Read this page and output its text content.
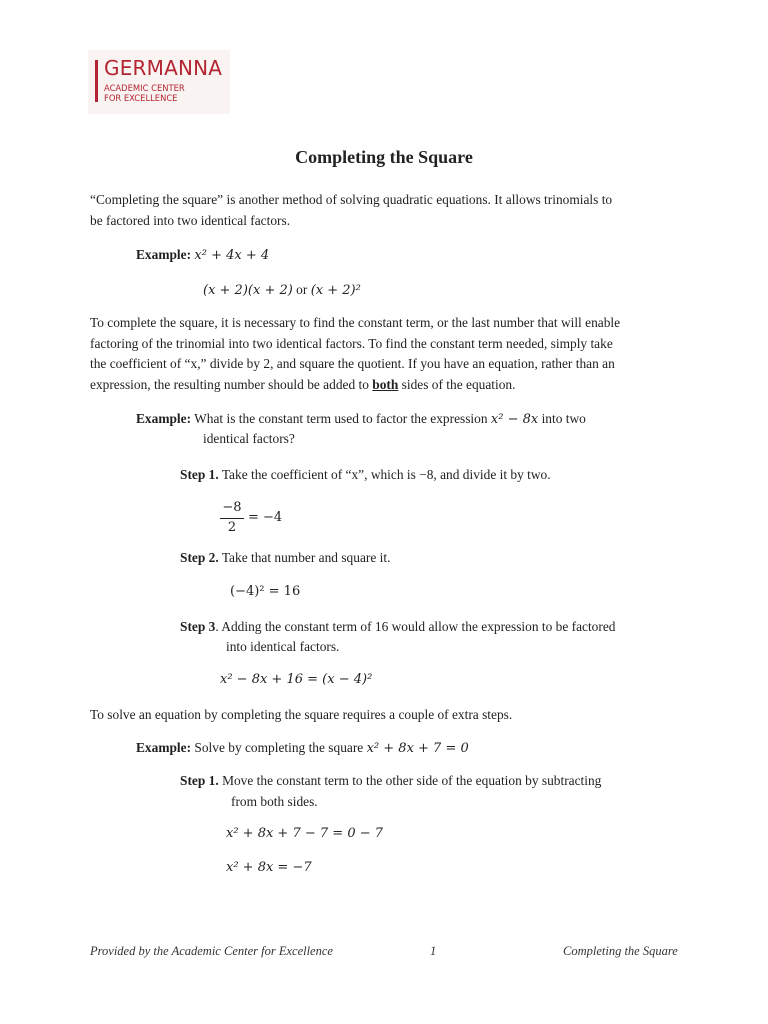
GERMANNA
ACADEMIC CENTER
FOR EXCELLENCE
Completing the Square
“Completing the square” is another method of solving quadratic equations. It allows trinomials to
be factored into two identical factors.
Example: x² + 4x + 4
(x + 2)(x + 2) or (x + 2)²
To complete the square, it is necessary to find the constant term, or the last number that will enable
factoring of the trinomial into two identical factors. To find the constant term needed, simply take
the coefficient of “x,” divide by 2, and square the quotient. If you have an equation, rather than an
expression, the resulting number should be added to both sides of the equation.
Example: What is the constant term used to factor the expression x² − 8x into two
identical factors?
Step 1. Take the coefficient of “x”, which is −8, and divide it by two.
−8
2
= −4
Step 2. Take that number and square it.
(−4)² = 16
Step 3. Adding the constant term of 16 would allow the expression to be factored
into identical factors.
x² − 8x + 16 = (x − 4)²
To solve an equation by completing the square requires a couple of extra steps.
Example: Solve by completing the square x² + 8x + 7 = 0
Step 1. Move the constant term to the other side of the equation by subtracting
from both sides.
x² + 8x + 7 − 7 = 0 − 7
x² + 8x = −7
Provided by the Academic Center for Excellence	1	Completing the Square
